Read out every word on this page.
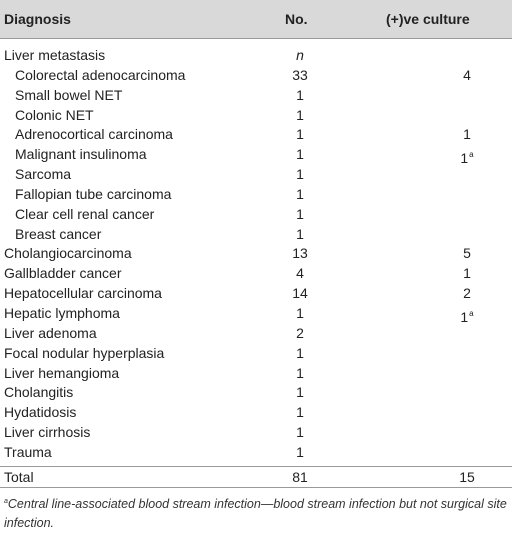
Diagnosis	No.	(+)ve culture
Liver metastasis	n
Colorectal adenocarcinoma	33	4
Small bowel NET	1
Colonic NET	1
Adrenocortical carcinoma	1	1
Malignant insulinoma	1	1$^a$
Sarcoma	1
Fallopian tube carcinoma	1
Clear cell renal cancer	1
Breast cancer	1
Cholangiocarcinoma	13	5
Gallbladder cancer	4	1
Hepatocellular carcinoma	14	2
Hepatic lymphoma	1	1$^a$
Liver adenoma	2
Focal nodular hyperplasia	1
Liver hemangioma	1
Cholangitis	1
Hydatidosis	1
Liver cirrhosis	1
Trauma	1
Total	81	15
$^a$Central line-associated blood stream infection—blood stream infection but not surgical site infection.
